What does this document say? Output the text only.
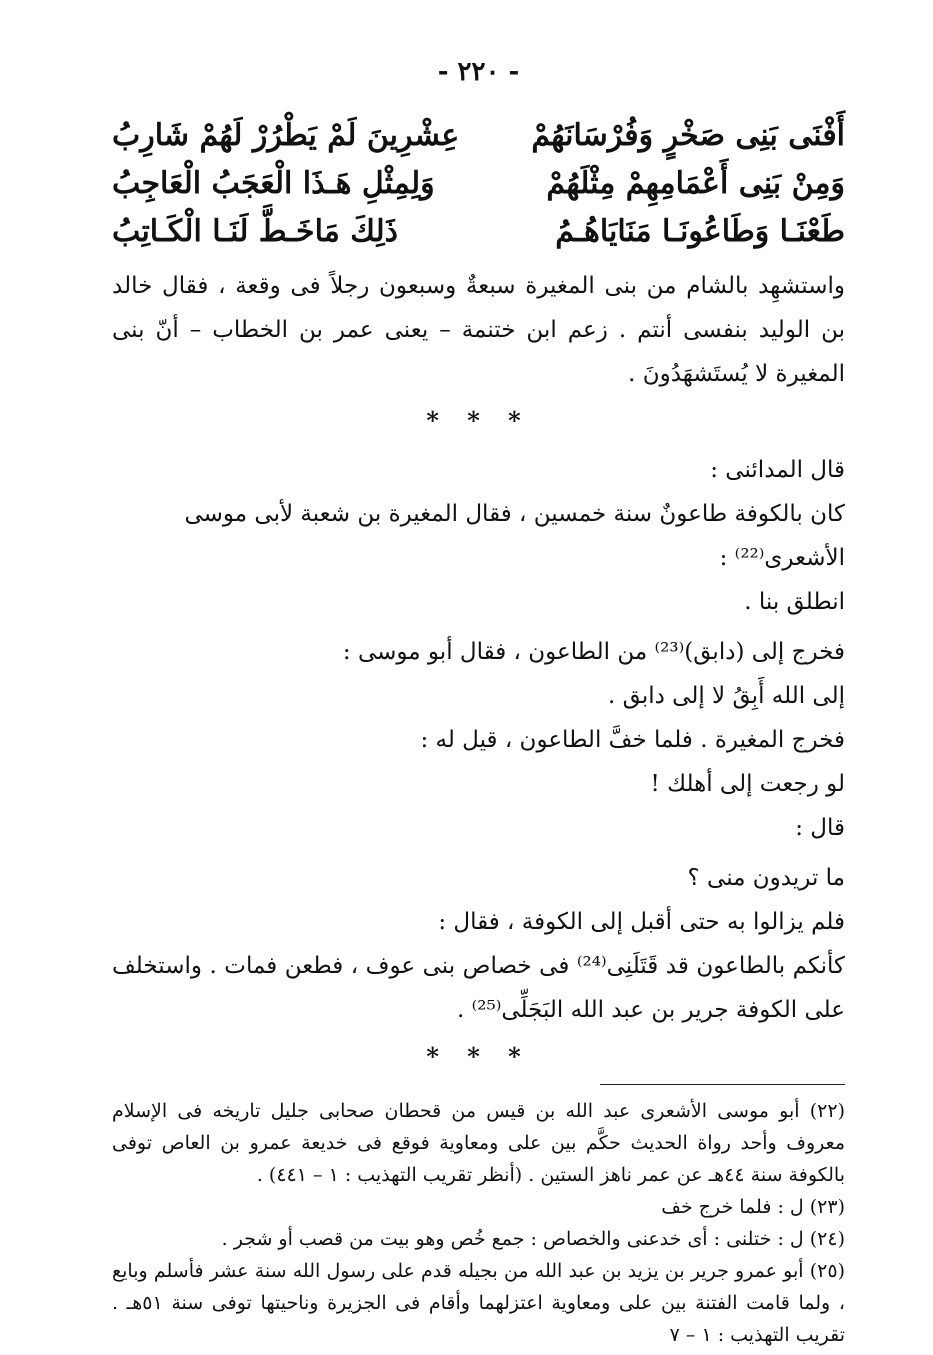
- ٢٢٠ -
أَفْنَى بَنِى صَخْرٍ وَفُرْسَانَهُمْ
عِشْرِينَ لَمْ يَطْرُرْ لَهُمْ شَارِبُ
وَمِنْ بَنِى أَعْمَامِهِمْ مِثْلَهُمْ
وَلِمِثْلِ هَـذَا الْعَجَبُ الْعَاجِبُ
طَعْنَـا وَطَاعُونَـا مَنَايَاهُـمُ
ذَلِكَ مَاخَـطَّ لَنَـا الْكَـاتِبُ

واستشهِد بالشام من بنى المغيرة سبعةٌ وسبعون رجلاً فى وقعة ، فقال خالد بن الوليد بنفسى أنتم . زعم ابن ختنمة – يعنى عمر بن الخطاب – أنّ بنى المغيرة لا يُستَشهَدُونَ .

* * *

قال المدائنى :

كان بالكوفة طاعونٌ سنة خمسين ، فقال المغيرة بن شعبة لأبى موسى الأشعرى⁽²²⁾ :

انطلق بنا .

فخرج إلى (دابق)⁽²³⁾ من الطاعون ، فقال أبو موسى :

إلى الله أَبِقُ لا إلى دابق .

فخرج المغيرة . فلما خفَّ الطاعون ، قيل له :

لو رجعت إلى أهلك !

قال :

ما تريدون منى ؟

فلم يزالوا به حتى أقبل إلى الكوفة ، فقال :

كأنكم بالطاعون قد قَتَلَنِى⁽²⁴⁾ فى خصاص بنى عوف ، فطعن فمات . واستخلف على الكوفة جرير بن عبد الله البَجَلِّى⁽²⁵⁾ .

* * *

(٢٢) أبو موسى الأشعرى عبد الله بن قيس من قحطان صحابى جليل تاريخه فى الإسلام معروف وأحد رواة الحديث حكَّم بين على ومعاوية فوقع فى خديعة عمرو بن العاص توفى بالكوفة سنة ٤٤هـ عن عمر ناهز الستين . (أنظر تقريب التهذيب : ١ – ٤٤١) .

(٢٣) ل : فلما خرج خف

(٢٤) ل : ختلنى : أى خدعنى والخصاص : جمع خُص وهو بيت من قصب أو شجر .

(٢٥) أبو عمرو جرير بن يزيد بن عبد الله من بجيله قدم على رسول الله سنة عشر فأسلم وبايع ، ولما قامت الفتنة بين على ومعاوية اعتزلهما وأقام فى الجزيرة وناحيتها توفى سنة ٥١هـ . تقريب التهذيب : ١ – ٧
